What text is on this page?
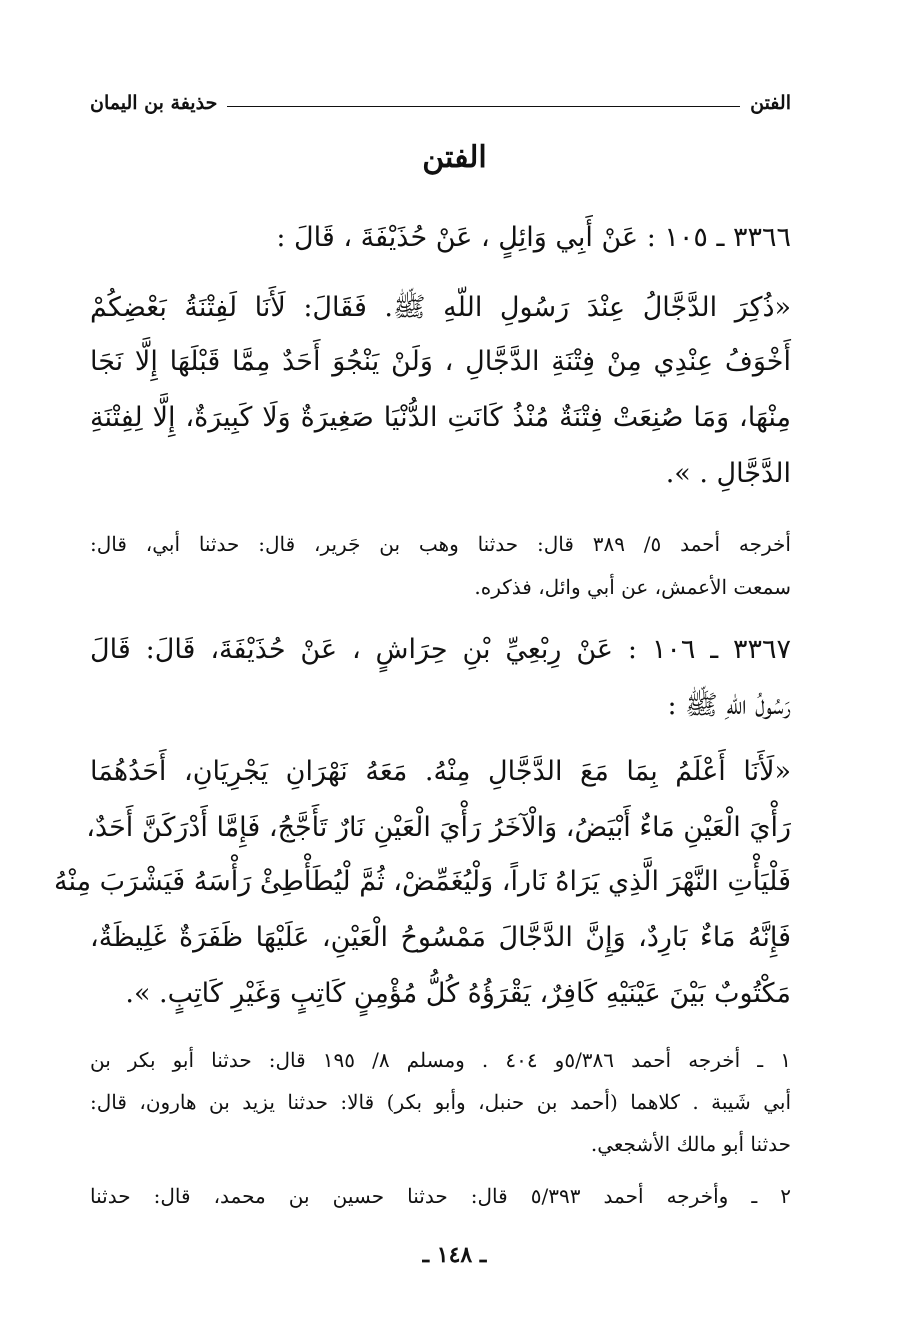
الفتن
حذيفة بن اليمان
الفتن
٣٣٦٦ ـ ١٠٥ : عَنْ أَبِي وَائِلٍ ، عَنْ حُذَيْفَةَ ، قَالَ :
«ذُكِرَ الدَّجَّالُ عِنْدَ رَسُولِ اللّهِ ﷺ. فَقَالَ: لَأَنَا لَفِتْنَةُ بَعْضِكُمْ
أَخْوَفُ عِنْدِي مِنْ فِتْنَةِ الدَّجَّالِ ، وَلَنْ يَنْجُوَ أَحَدٌ مِمَّا قَبْلَهَا إِلَّا نَجَا
مِنْهَا، وَمَا صُنِعَتْ فِتْنَةٌ مُنْذُ كَانَتِ الدُّنْيَا صَغِيرَةٌ وَلَا كَبِيرَةٌ، إِلَّا لِفِتْنَةِ
الدَّجَّالِ . ».
أخرجه أحمد ٥/ ٣٨٩ قال: حدثنا وهب بن جَرير، قال: حدثنا أبي، قال:
سمعت الأعمش، عن أبي وائل، فذكره.
٣٣٦٧ ـ ١٠٦ : عَنْ رِبْعِيِّ بْنِ حِرَاشٍ ، عَنْ حُذَيْفَةَ، قَالَ: قَالَ
رَسُولُ اللّهِ ﷺ :
«لَأَنَا أَعْلَمُ بِمَا مَعَ الدَّجَّالِ مِنْهُ. مَعَهُ نَهْرَانِ يَجْرِيَانِ، أَحَدُهُمَا
رَأْيَ الْعَيْنِ مَاءٌ أَبْيَضُ، وَالْآخَرُ رَأْيَ الْعَيْنِ نَارٌ تَأَجَّجُ، فَإِمَّا أَدْرَكَنَّ أَحَدٌ،
فَلْيَأْتِ النَّهْرَ الَّذِي يَرَاهُ نَاراً، وَلْيُغَمِّضْ، ثُمَّ لْيُطَأْطِئْ رَأْسَهُ فَيَشْرَبَ مِنْهُ
فَإِنَّهُ مَاءٌ بَارِدٌ، وَإِنَّ الدَّجَّالَ مَمْسُوحُ الْعَيْنِ، عَلَيْهَا ظَفَرَةٌ غَلِيظَةٌ،
مَكْتُوبٌ بَيْنَ عَيْنَيْهِ كَافِرٌ، يَقْرَؤُهُ كُلُّ مُؤْمِنٍ كَاتِبٍ وَغَيْرِ كَاتِبٍ. ».
١ ـ أخرجه أحمد ٥/٣٨٦و ٤٠٤ . ومسلم ٨/ ١٩٥ قال: حدثنا أبو بكر بن
أبي شَيبة . كلاهما (أحمد بن حنبل، وأبو بكر) قالا: حدثنا يزيد بن هارون، قال:
حدثنا أبو مالك الأشجعي.
٢ ـ وأخرجه أحمد ٥/٣٩٣ قال: حدثنا حسين بن محمد، قال: حدثنا
ـ ١٤٨ ـ
